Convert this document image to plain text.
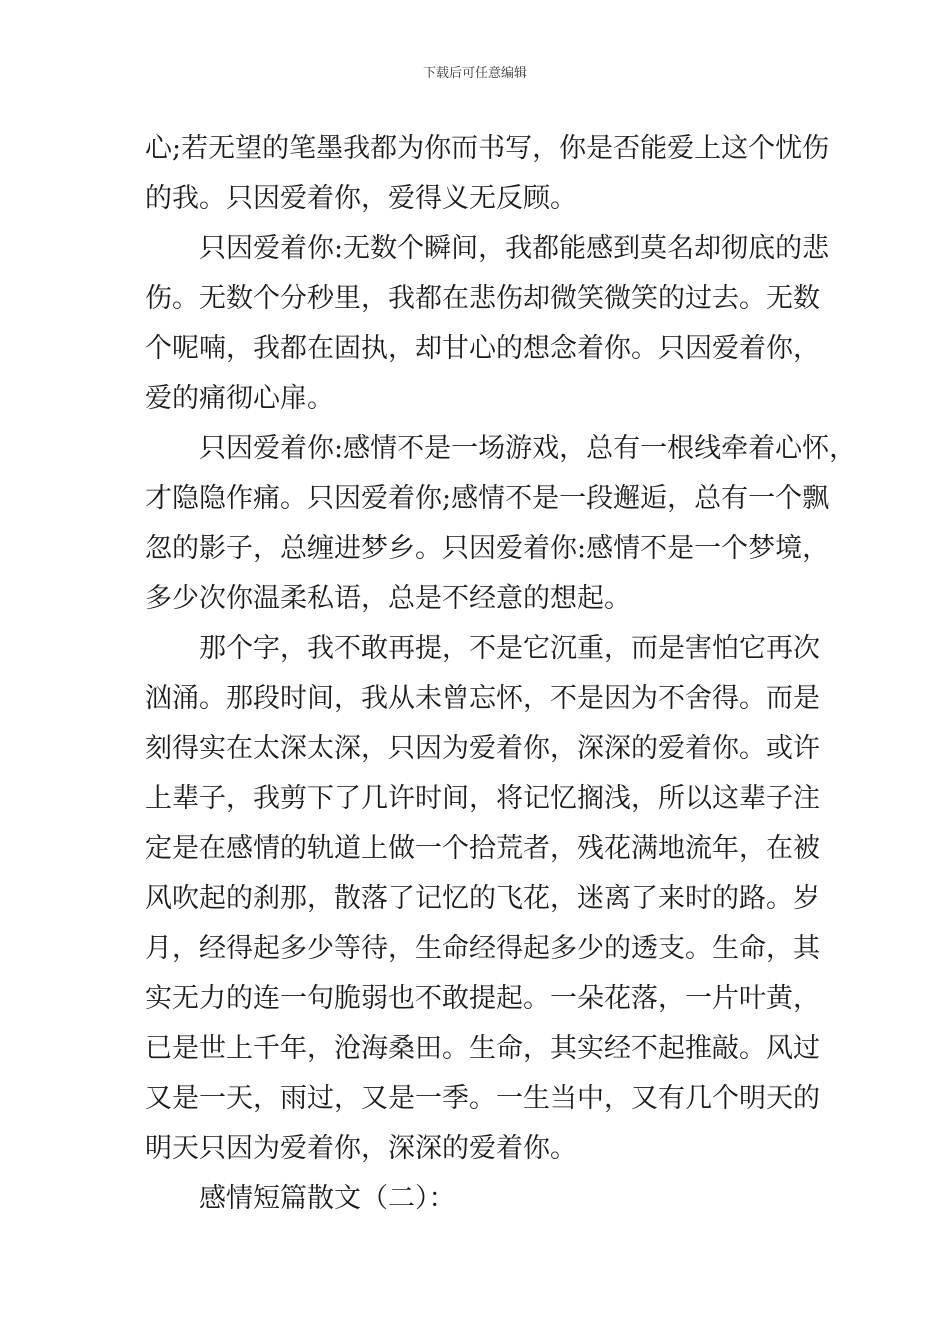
下载后可任意编辑
心;若无望的笔墨我都为你而书写，你是否能爱上这个忧伤
的我。只因爱着你，爱得义无反顾。
只因爱着你:无数个瞬间，我都能感到莫名却彻底的悲
伤。无数个分秒里，我都在悲伤却微笑微笑的过去。无数
个呢喃，我都在固执，却甘心的想念着你。只因爱着你，
爱的痛彻心扉。
只因爱着你:感情不是一场游戏，总有一根线牵着心怀，
才隐隐作痛。只因爱着你;感情不是一段邂逅，总有一个飘
忽的影子，总缠进梦乡。只因爱着你:感情不是一个梦境，
多少次你温柔私语，总是不经意的想起。
那个字，我不敢再提，不是它沉重，而是害怕它再次
汹涌。那段时间，我从未曾忘怀，不是因为不舍得。而是
刻得实在太深太深，只因为爱着你，深深的爱着你。或许
上辈子，我剪下了几许时间，将记忆搁浅，所以这辈子注
定是在感情的轨道上做一个拾荒者，残花满地流年，在被
风吹起的刹那，散落了记忆的飞花，迷离了来时的路。岁
月，经得起多少等待，生命经得起多少的透支。生命，其
实无力的连一句脆弱也不敢提起。一朵花落，一片叶黄，
已是世上千年，沧海桑田。生命，其实经不起推敲。风过
又是一天，雨过，又是一季。一生当中，又有几个明天的
明天只因为爱着你，深深的爱着你。
感情短篇散文（二）：
